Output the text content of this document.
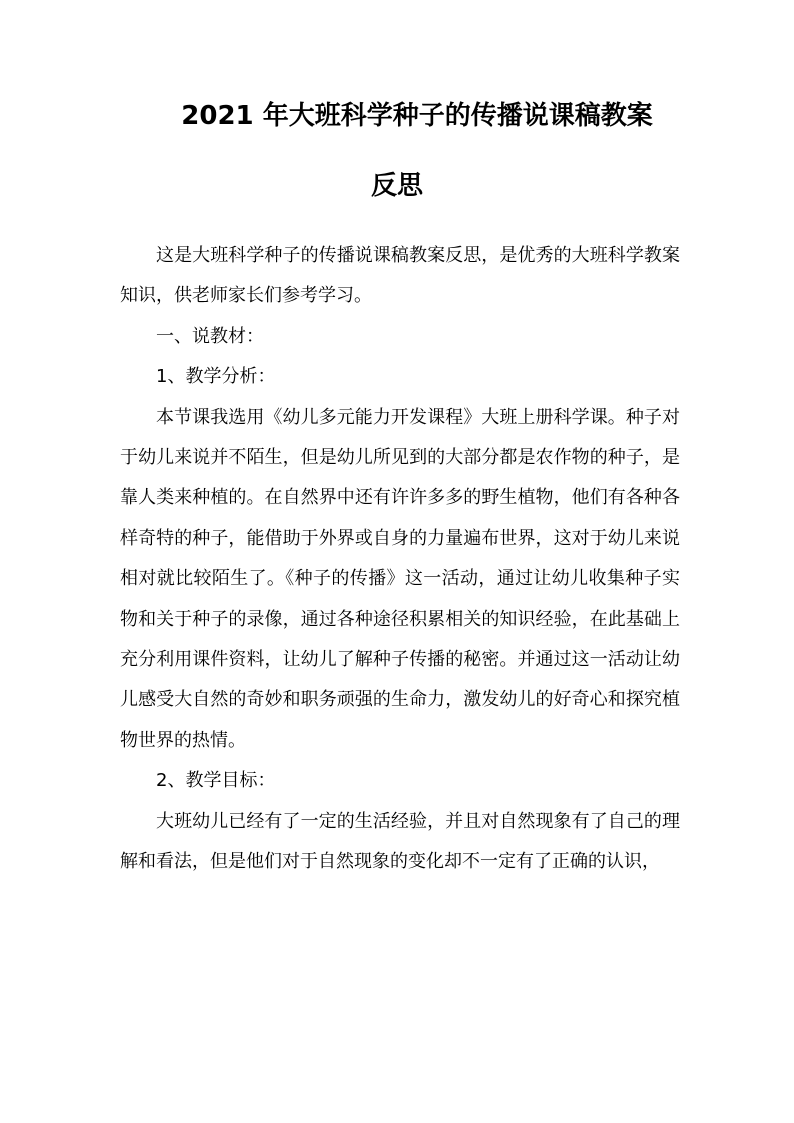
2021 年大班科学种子的传播说课稿教案
反思

这是大班科学种子的传播说课稿教案反思，是优秀的大班科学教案知识，供老师家长们参考学习。

一、说教材：

1、教学分析：

本节课我选用《幼儿多元能力开发课程》大班上册科学课。种子对于幼儿来说并不陌生，但是幼儿所见到的大部分都是农作物的种子，是靠人类来种植的。在自然界中还有许许多多的野生植物，他们有各种各样奇特的种子，能借助于外界或自身的力量遍布世界，这对于幼儿来说相对就比较陌生了。《种子的传播》这一活动，通过让幼儿收集种子实物和关于种子的录像，通过各种途径积累相关的知识经验，在此基础上充分利用课件资料，让幼儿了解种子传播的秘密。并通过这一活动让幼儿感受大自然的奇妙和职务顽强的生命力，激发幼儿的好奇心和探究植物世界的热情。

2、教学目标：

大班幼儿已经有了一定的生活经验，并且对自然现象有了自己的理解和看法，但是他们对于自然现象的变化却不一定有了正确的认识，
